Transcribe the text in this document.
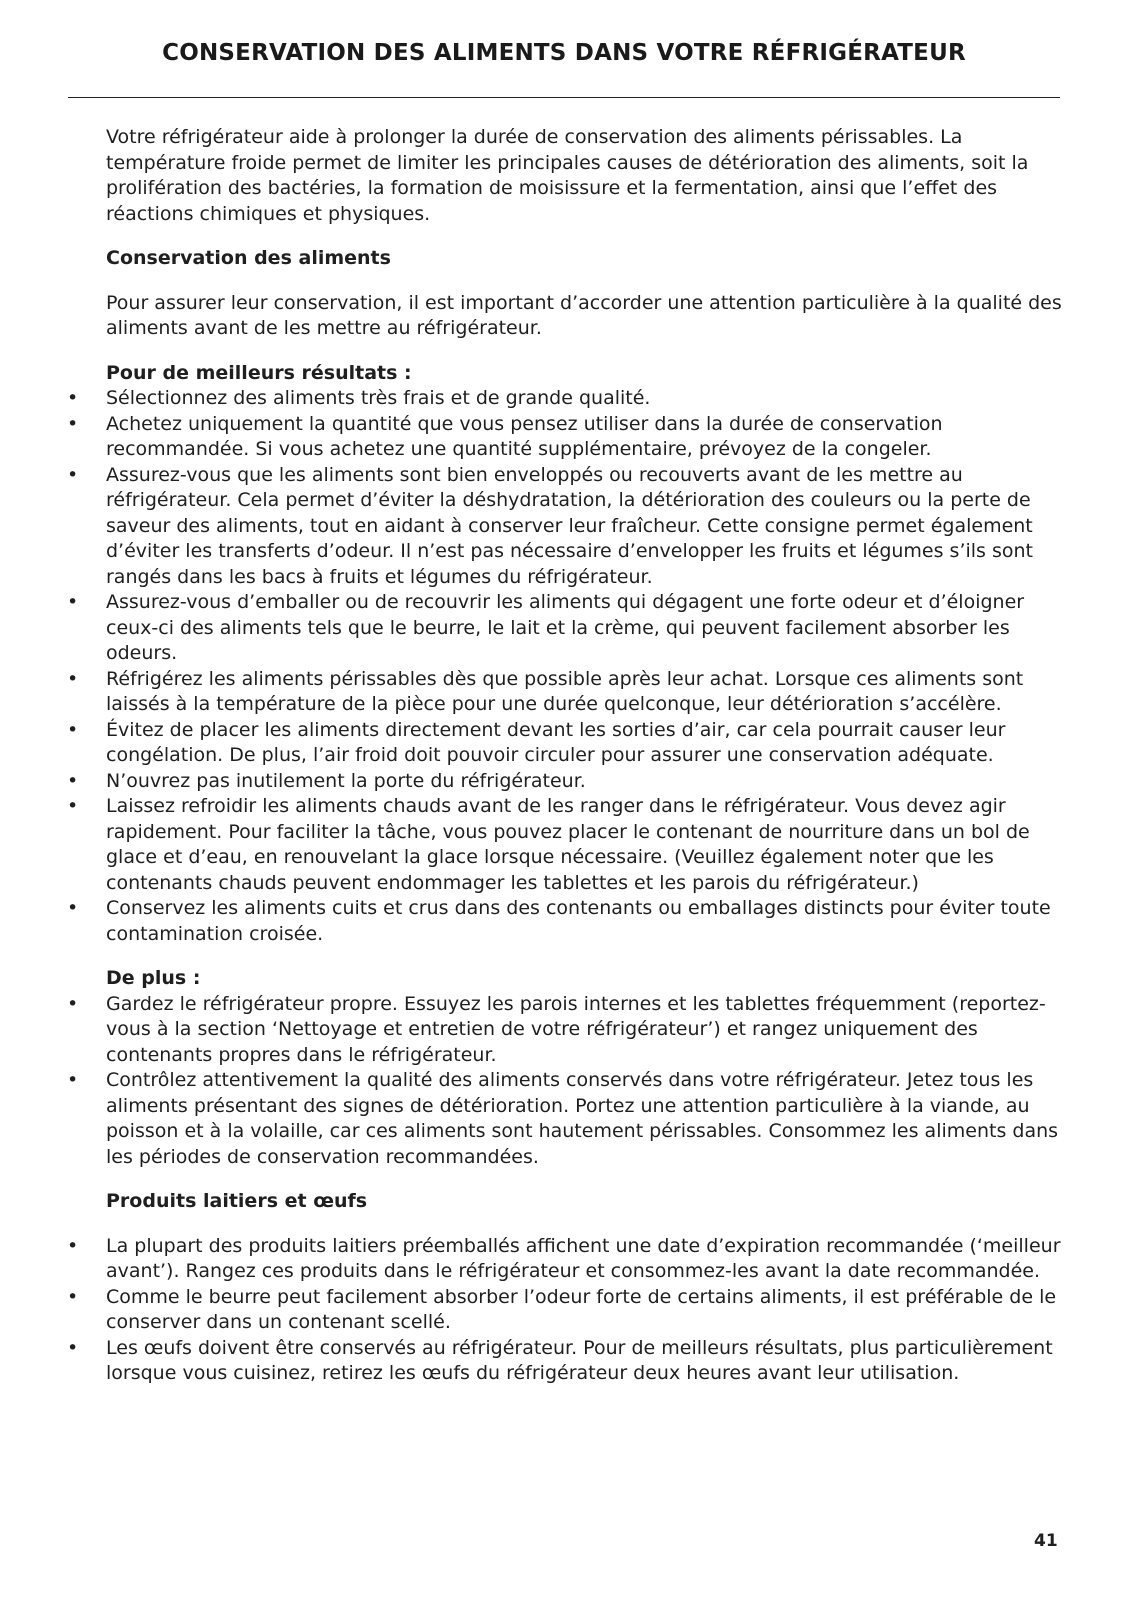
CONSERVATION DES ALIMENTS DANS VOTRE RÉFRIGÉRATEUR

Votre réfrigérateur aide à prolonger la durée de conservation des aliments périssables. La température froide permet de limiter les principales causes de détérioration des aliments, soit la prolifération des bactéries, la formation de moisissure et la fermentation, ainsi que l’effet des réactions chimiques et physiques.

Conservation des aliments

Pour assurer leur conservation, il est important d’accorder une attention particulière à la qualité des aliments avant de les mettre au réfrigérateur.

Pour de meilleurs résultats :

• Sélectionnez des aliments très frais et de grande qualité.
• Achetez uniquement la quantité que vous pensez utiliser dans la durée de conservation recommandée. Si vous achetez une quantité supplémentaire, prévoyez de la congeler.
• Assurez-vous que les aliments sont bien enveloppés ou recouverts avant de les mettre au réfrigérateur. Cela permet d’éviter la déshydratation, la détérioration des couleurs ou la perte de saveur des aliments, tout en aidant à conserver leur fraîcheur. Cette consigne permet également d’éviter les transferts d’odeur. Il n’est pas nécessaire d’envelopper les fruits et légumes s’ils sont rangés dans les bacs à fruits et légumes du réfrigérateur.
• Assurez-vous d’emballer ou de recouvrir les aliments qui dégagent une forte odeur et d’éloigner ceux-ci des aliments tels que le beurre, le lait et la crème, qui peuvent facilement absorber les odeurs.
• Réfrigérez les aliments périssables dès que possible après leur achat. Lorsque ces aliments sont laissés à la température de la pièce pour une durée quelconque, leur détérioration s’accélère.
• Évitez de placer les aliments directement devant les sorties d’air, car cela pourrait causer leur congélation. De plus, l’air froid doit pouvoir circuler pour assurer une conservation adéquate.
• N’ouvrez pas inutilement la porte du réfrigérateur.
• Laissez refroidir les aliments chauds avant de les ranger dans le réfrigérateur. Vous devez agir rapidement. Pour faciliter la tâche, vous pouvez placer le contenant de nourriture dans un bol de glace et d’eau, en renouvelant la glace lorsque nécessaire. (Veuillez également noter que les contenants chauds peuvent endommager les tablettes et les parois du réfrigérateur.)
• Conservez les aliments cuits et crus dans des contenants ou emballages distincts pour éviter toute contamination croisée.

De plus :

• Gardez le réfrigérateur propre. Essuyez les parois internes et les tablettes fréquemment (reportez-vous à la section ‘Nettoyage et entretien de votre réfrigérateur’) et rangez uniquement des contenants propres dans le réfrigérateur.
• Contrôlez attentivement la qualité des aliments conservés dans votre réfrigérateur. Jetez tous les aliments présentant des signes de détérioration. Portez une attention particulière à la viande, au poisson et à la volaille, car ces aliments sont hautement périssables. Consommez les aliments dans les périodes de conservation recommandées.

Produits laitiers et œufs

• La plupart des produits laitiers préemballés affichent une date d’expiration recommandée (‘meilleur avant’). Rangez ces produits dans le réfrigérateur et consommez-les avant la date recommandée.
• Comme le beurre peut facilement absorber l’odeur forte de certains aliments, il est préférable de le conserver dans un contenant scellé.
• Les œufs doivent être conservés au réfrigérateur. Pour de meilleurs résultats, plus particulièrement lorsque vous cuisinez, retirez les œufs du réfrigérateur deux heures avant leur utilisation.
41
